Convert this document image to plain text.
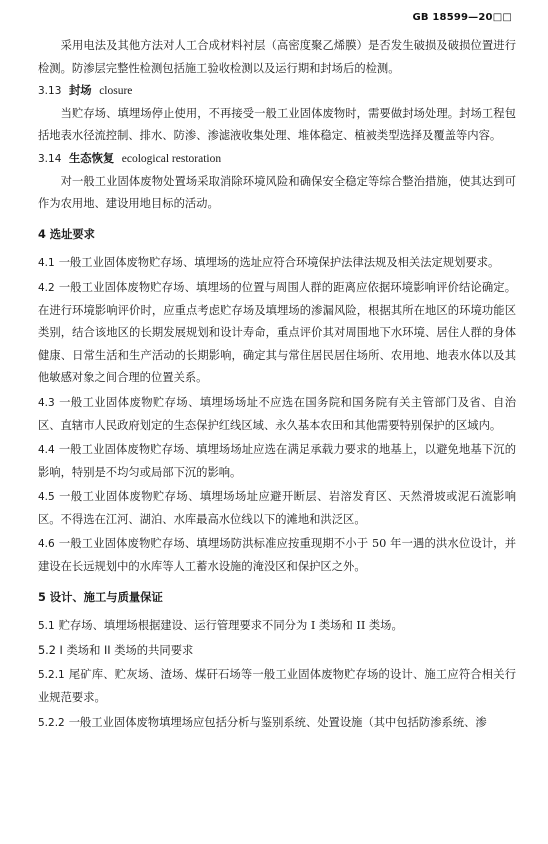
GB 18599—20□□

采用电法及其他方法对人工合成材料衬层（高密度聚乙烯膜）是否发生破损及破损位置进行检测。防渗层完整性检测包括施工验收检测以及运行期和封场后的检测。

3.13 封场 closure

当贮存场、填埋场停止使用，不再接受一般工业固体废物时，需要做封场处理。封场工程包括地表水径流控制、排水、防渗、渗滤液收集处理、堆体稳定、植被类型选择及覆盖等内容。

3.14 生态恢复 ecological restoration

对一般工业固体废物处置场采取消除环境风险和确保安全稳定等综合整治措施，使其达到可作为农用地、建设用地目标的活动。

4 选址要求

4.1 一般工业固体废物贮存场、填埋场的选址应符合环境保护法律法规及相关法定规划要求。

4.2 一般工业固体废物贮存场、填埋场的位置与周围人群的距离应依据环境影响评价结论确定。在进行环境影响评价时，应重点考虑贮存场及填埋场的渗漏风险，根据其所在地区的环境功能区类别，结合该地区的长期发展规划和设计寿命，重点评价其对周围地下水环境、居住人群的身体健康、日常生活和生产活动的长期影响，确定其与常住居民居住场所、农用地、地表水体以及其他敏感对象之间合理的位置关系。

4.3 一般工业固体废物贮存场、填埋场场址不应选在国务院和国务院有关主管部门及省、自治区、直辖市人民政府划定的生态保护红线区域、永久基本农田和其他需要特别保护的区域内。

4.4 一般工业固体废物贮存场、填埋场场址应选在满足承载力要求的地基上，以避免地基下沉的影响，特别是不均匀或局部下沉的影响。

4.5 一般工业固体废物贮存场、填埋场场址应避开断层、岩溶发育区、天然滑坡或泥石流影响区。不得选在江河、湖泊、水库最高水位线以下的滩地和洪泛区。

4.6 一般工业固体废物贮存场、填埋场防洪标准应按重现期不小于 50 年一遇的洪水位设计，并建设在长远规划中的水库等人工蓄水设施的淹没区和保护区之外。

5 设计、施工与质量保证

5.1 贮存场、填埋场根据建设、运行管理要求不同分为 I 类场和 II 类场。

5.2 I 类场和 II 类场的共同要求

5.2.1 尾矿库、贮灰场、渣场、煤矸石场等一般工业固体废物贮存场的设计、施工应符合相关行业规范要求。

5.2.2 一般工业固体废物填埋场应包括分析与鉴别系统、处置设施（其中包括防渗系统、渗
